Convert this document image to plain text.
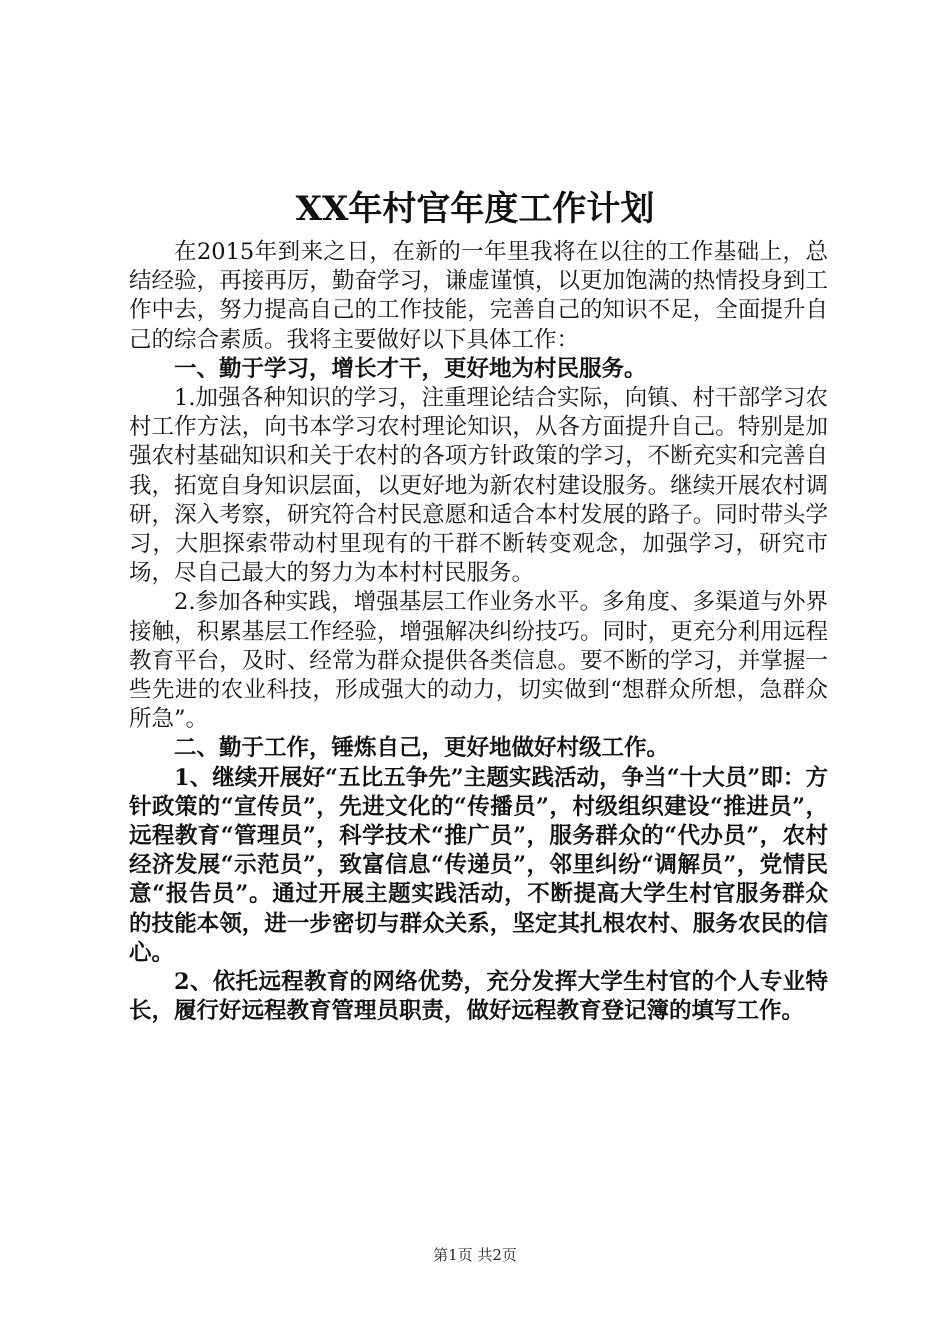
XX年村官年度工作计划

在2015年到来之日，在新的一年里我将在以往的工作基础上，总结经验，再接再厉，勤奋学习，谦虚谨慎，以更加饱满的热情投身到工作中去，努力提高自己的工作技能，完善自己的知识不足，全面提升自己的综合素质。我将主要做好以下具体工作：

一、勤于学习，增长才干，更好地为村民服务。

1.加强各种知识的学习，注重理论结合实际，向镇、村干部学习农村工作方法，向书本学习农村理论知识，从各方面提升自己。特别是加强农村基础知识和关于农村的各项方针政策的学习，不断充实和完善自我，拓宽自身知识层面，以更好地为新农村建设服务。继续开展农村调研，深入考察，研究符合村民意愿和适合本村发展的路子。同时带头学习，大胆探索带动村里现有的干群不断转变观念，加强学习，研究市场，尽自己最大的努力为本村村民服务。

2.参加各种实践，增强基层工作业务水平。多角度、多渠道与外界接触，积累基层工作经验，增强解决纠纷技巧。同时，更充分利用远程教育平台，及时、经常为群众提供各类信息。要不断的学习，并掌握一些先进的农业科技，形成强大的动力，切实做到“想群众所想，急群众所急”。

二、勤于工作，锤炼自己，更好地做好村级工作。

1、继续开展好“五比五争先”主题实践活动，争当“十大员”即：方针政策的“宣传员”，先进文化的“传播员”，村级组织建设“推进员”，远程教育“管理员”，科学技术“推广员”，服务群众的“代办员”，农村经济发展“示范员”，致富信息“传递员”，邻里纠纷“调解员”，党情民意“报告员”。通过开展主题实践活动，不断提高大学生村官服务群众的技能本领，进一步密切与群众关系，坚定其扎根农村、服务农民的信心。

2、依托远程教育的网络优势，充分发挥大学生村官的个人专业特长，履行好远程教育管理员职责，做好远程教育登记簿的填写工作。

第1页 共2页
